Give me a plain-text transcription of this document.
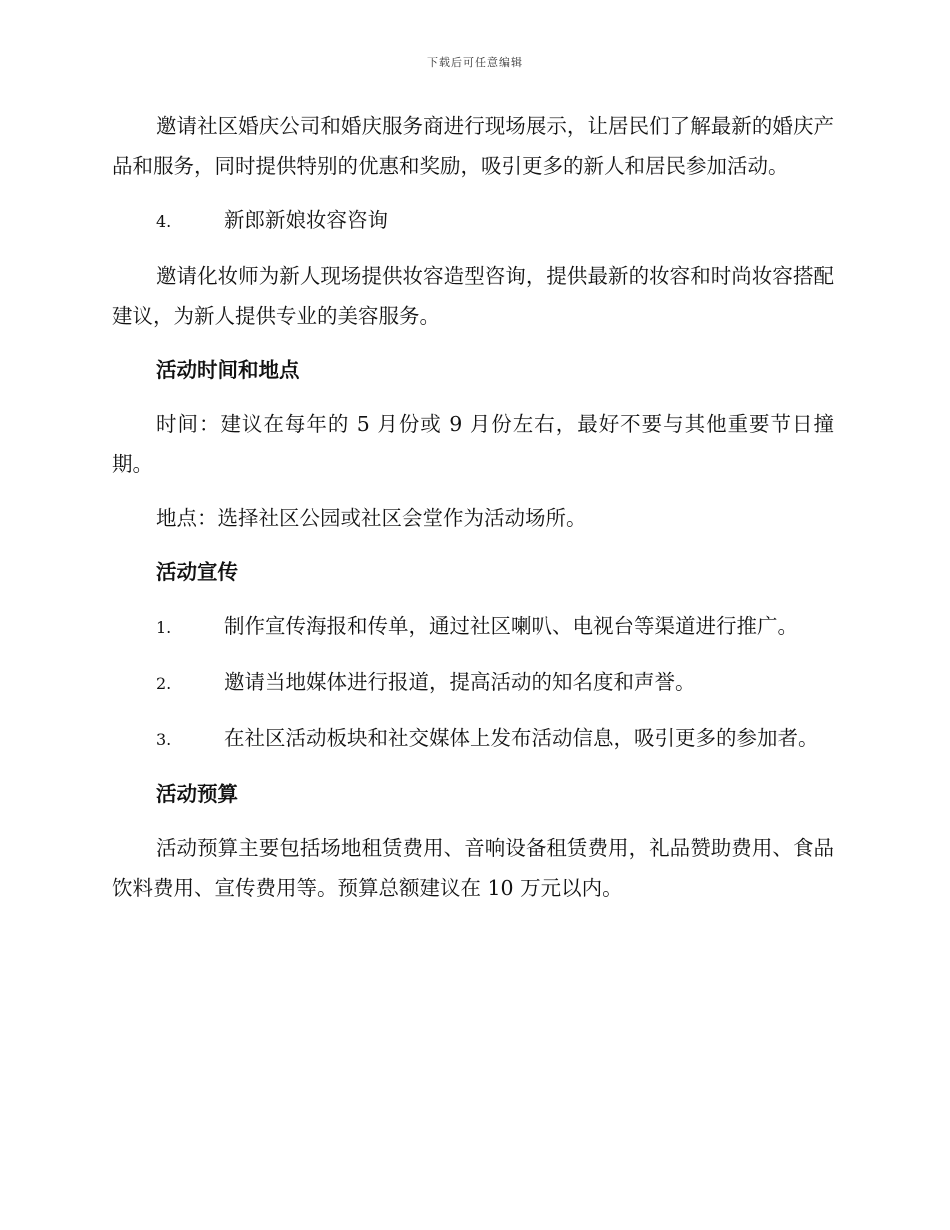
下载后可任意编辑

邀请社区婚庆公司和婚庆服务商进行现场展示，让居民们了解最新的婚庆产品和服务，同时提供特别的优惠和奖励，吸引更多的新人和居民参加活动。

4.	新郎新娘妆容咨询

邀请化妆师为新人现场提供妆容造型咨询，提供最新的妆容和时尚妆容搭配建议，为新人提供专业的美容服务。

活动时间和地点

时间：建议在每年的 5 月份或 9 月份左右，最好不要与其他重要节日撞期。

地点：选择社区公园或社区会堂作为活动场所。

活动宣传
1.	制作宣传海报和传单，通过社区喇叭、电视台等渠道进行推广。
2.	邀请当地媒体进行报道，提高活动的知名度和声誉。
3.	在社区活动板块和社交媒体上发布活动信息，吸引更多的参加者。
活动预算

活动预算主要包括场地租赁费用、音响设备租赁费用，礼品赞助费用、食品饮料费用、宣传费用等。预算总额建议在 10 万元以内。
